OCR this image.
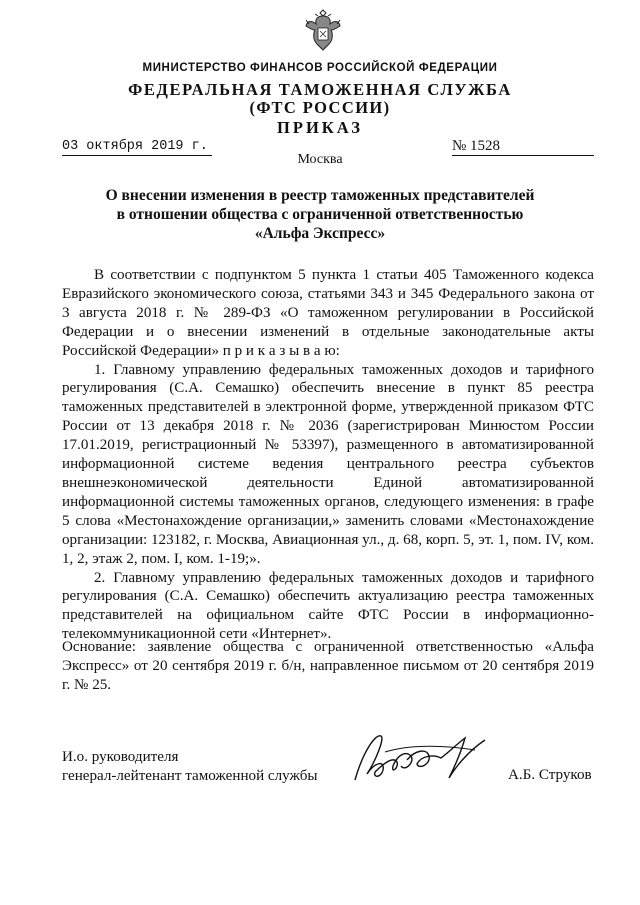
МИНИСТЕРСТВО ФИНАНСОВ РОССИЙСКОЙ ФЕДЕРАЦИИ
ФЕДЕРАЛЬНАЯ ТАМОЖЕННАЯ СЛУЖБА
(ФТС РОССИИ)
ПРИКАЗ
03 октября 2019 г.	№ 1528
Москва
О внесении изменения в реестр таможенных представителей
в отношении общества с ограниченной ответственностью
«Альфа Экспресс»

В соответствии с подпунктом 5 пункта 1 статьи 405 Таможенного кодекса Евразийского экономического союза, статьями 343 и 345 Федерального закона от 3 августа 2018 г. № 289-ФЗ «О таможенном регулировании в Российской Федерации и о внесении изменений в отдельные законодательные акты Российской Федерации» п р и к а з ы в а ю:

1. Главному управлению федеральных таможенных доходов и тарифного регулирования (С.А. Семашко) обеспечить внесение в пункт 85 реестра таможенных представителей в электронной форме, утвержденной приказом ФТС России от 13 декабря 2018 г. № 2036 (зарегистрирован Минюстом России 17.01.2019, регистрационный № 53397), размещенного в автоматизированной информационной системе ведения центрального реестра субъектов внешнеэкономической деятельности Единой автоматизированной информационной системы таможенных органов, следующего изменения: в графе 5 слова «Местонахождение организации,» заменить словами «Местонахождение организации: 123182, г. Москва, Авиационная ул., д. 68, корп. 5, эт. 1, пом. IV, ком. 1, 2, этаж 2, пом. I, ком. 1-19;».

2. Главному управлению федеральных таможенных доходов и тарифного регулирования (С.А. Семашко) обеспечить актуализацию реестра таможенных представителей на официальном сайте ФТС России в информационно-телекоммуникационной сети «Интернет».

Основание: заявление общества с ограниченной ответственностью «Альфа Экспресс» от 20 сентября 2019 г. б/н, направленное письмом от 20 сентября 2019 г. № 25.
И.о. руководителя
генерал-лейтенант таможенной службы	А.Б. Струков
